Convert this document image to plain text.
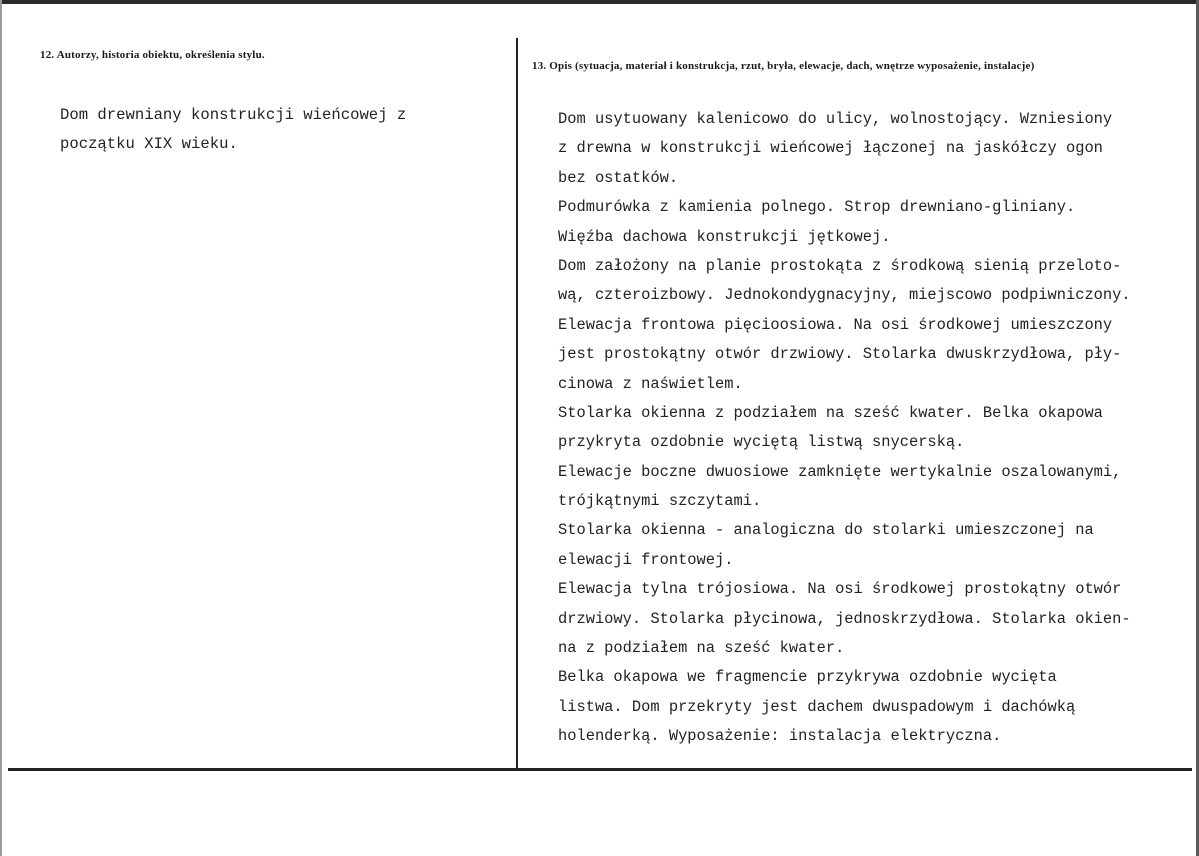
12. Autorzy, historia obiektu, określenia stylu.
13. Opis (sytuacja, materiał i konstrukcja, rzut, bryła, elewacje, dach, wnętrze wyposażenie, instalacje)
Dom drewniany konstrukcji wieńcowej z
początku XIX wieku.
Dom usytuowany kalenicowo do ulicy, wolnostojący. Wzniesiony
z drewna w konstrukcji wieńcowej łączonej na jaskółczy ogon
bez ostatków.
Podmurówka z kamienia polnego. Strop drewniano-gliniany.
Więźba dachowa konstrukcji jętkowej.
Dom założony na planie prostokąta z środkową sienią przeloto-
wą, czteroizbowy. Jednokondygnacyjny, miejscowo podpiwniczony.
Elewacja frontowa pięcioosiowa. Na osi środkowej umieszczony
jest prostokątny otwór drzwiowy. Stolarka dwuskrzydłowa, pły-
cinowa z naświetlem.
Stolarka okienna z podziałem na sześć kwater. Belka okapowa
przykryta ozdobnie wyciętą listwą snycerską.
Elewacje boczne dwuosiowe zamknięte wertykalnie oszalowanymi,
trójkątnymi szczytami.
Stolarka okienna - analogiczna do stolarki umieszczonej na
elewacji frontowej.
Elewacja tylna trójosiowa. Na osi środkowej prostokątny otwór
drzwiowy. Stolarka płycinowa, jednoskrzydłowa. Stolarka okien-
na z podziałem na sześć kwater.
Belka okapowa we fragmencie przykrywa ozdobnie wycięta
listwa. Dom przekryty jest dachem dwuspadowym i dachówką
holenderką. Wyposażenie: instalacja elektryczna.
